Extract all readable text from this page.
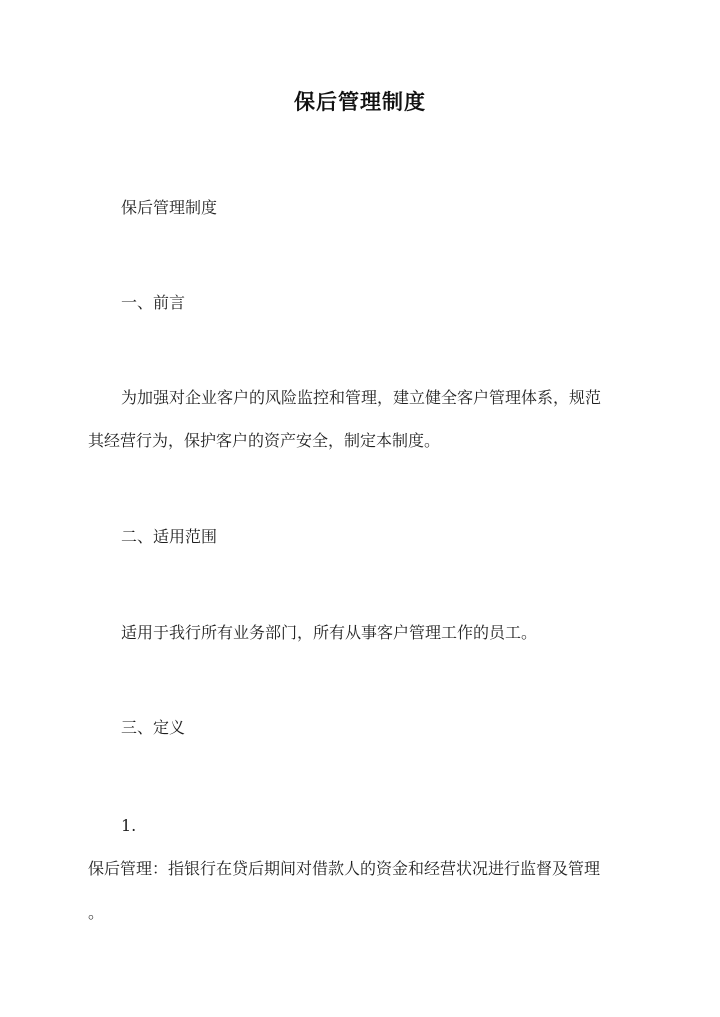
保后管理制度
保后管理制度
一、前言
为加强对企业客户的风险监控和管理，建立健全客户管理体系，规范
其经营行为，保护客户的资产安全，制定本制度。
二、适用范围
适用于我行所有业务部门，所有从事客户管理工作的员工。
三、定义
1.
保后管理：指银行在贷后期间对借款人的资金和经营状况进行监督及管理
。
